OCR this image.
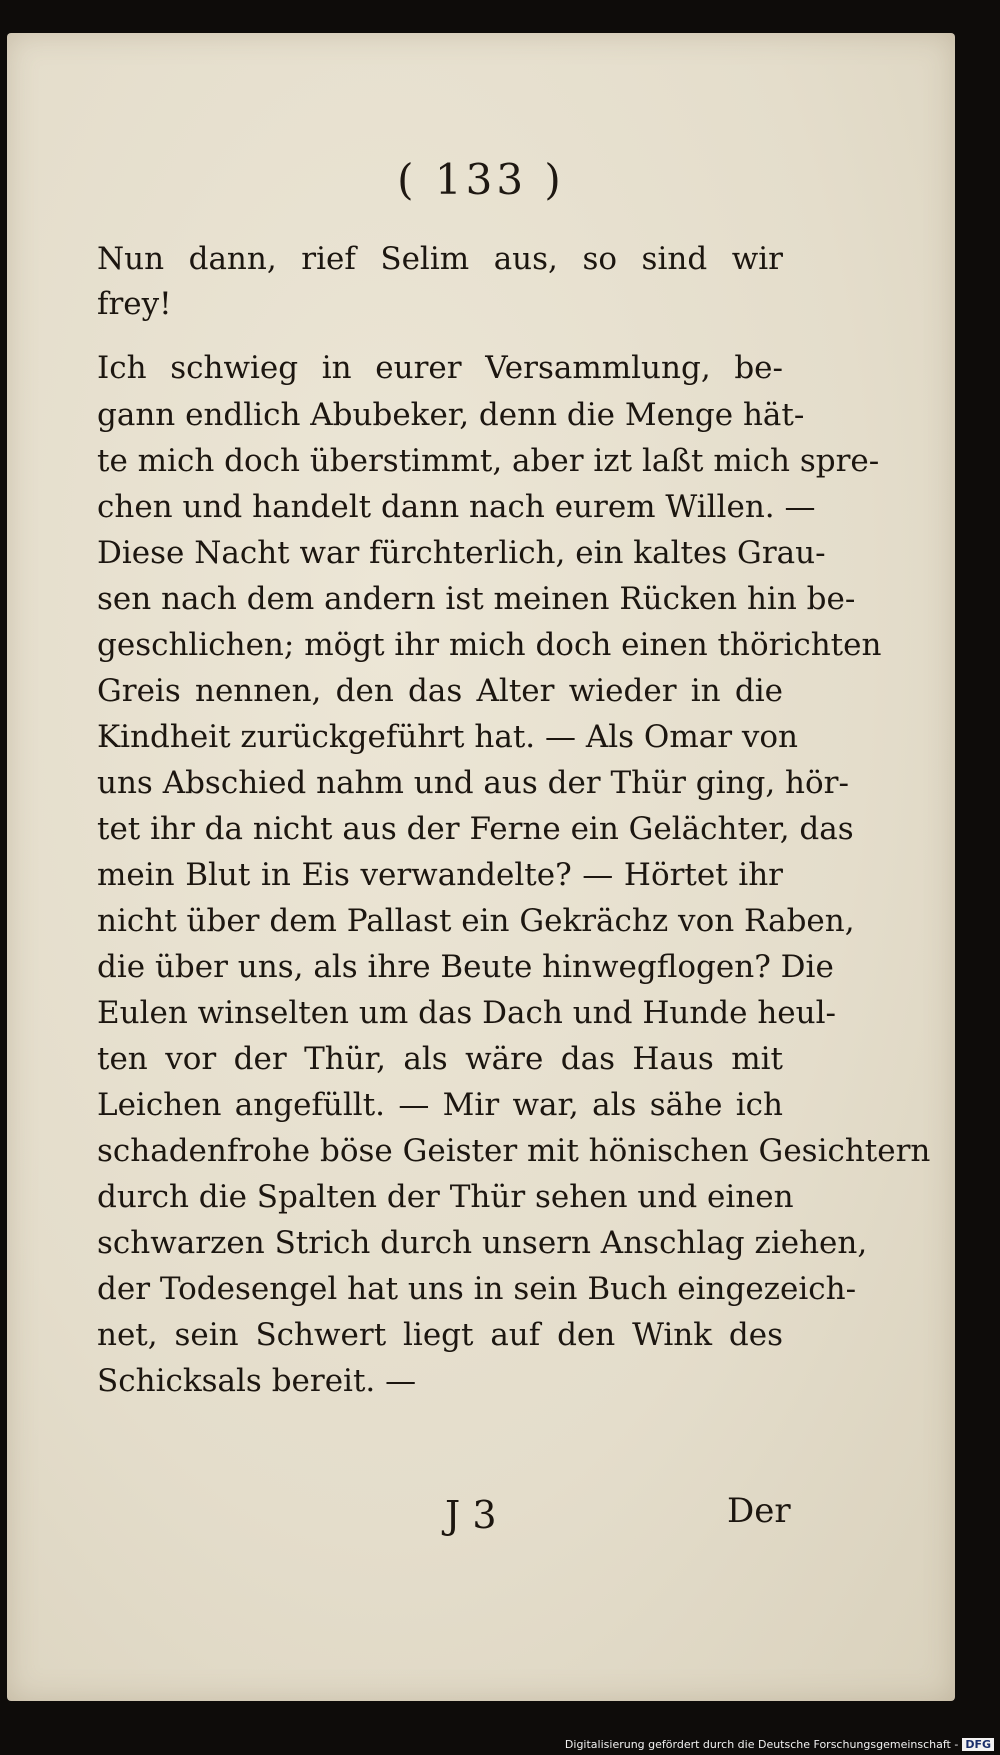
( 133 )
Nun dann, rief Selim aus, so sind wir
frey!
Ich schwieg in eurer Versammlung, be-
gann endlich Abubeker, denn die Menge hät-
te mich doch überstimmt, aber izt laßt mich spre-
chen und handelt dann nach eurem Willen. —
Diese Nacht war fürchterlich, ein kaltes Grau-
sen nach dem andern ist meinen Rücken hin be-
geschlichen; mögt ihr mich doch einen thörichten
Greis nennen, den das Alter wieder in die
Kindheit zurückgeführt hat. — Als Omar von
uns Abschied nahm und aus der Thür ging, hör-
tet ihr da nicht aus der Ferne ein Gelächter, das
mein Blut in Eis verwandelte? — Hörtet ihr
nicht über dem Pallast ein Gekrächz von Raben,
die über uns, als ihre Beute hinwegflogen? Die
Eulen winselten um das Dach und Hunde heul-
ten vor der Thür, als wäre das Haus mit
Leichen angefüllt. — Mir war, als sähe ich
schadenfrohe böse Geister mit hönischen Gesichtern
durch die Spalten der Thür sehen und einen
schwarzen Strich durch unsern Anschlag ziehen,
der Todesengel hat uns in sein Buch eingezeich-
net, sein Schwert liegt auf den Wink des
Schicksals bereit. —
J 3	Der
Digitalisierung gefördert durch die Deutsche Forschungsgemeinschaft - DFG
